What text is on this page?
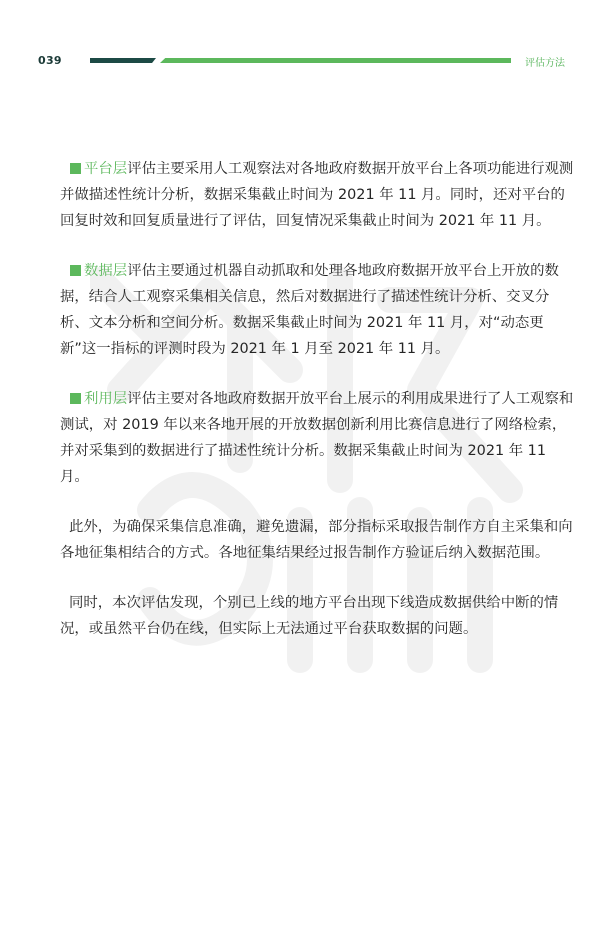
039	评估方法

平台层评估主要采用人工观察法对各地政府数据开放平台上各项功能进行观测并做描述性统计分析，数据采集截止时间为 2021 年 11 月。同时，还对平台的回复时效和回复质量进行了评估，回复情况采集截止时间为 2021 年 11 月。

数据层评估主要通过机器自动抓取和处理各地政府数据开放平台上开放的数据，结合人工观察采集相关信息，然后对数据进行了描述性统计分析、交叉分析、文本分析和空间分析。数据采集截止时间为 2021 年 11 月，对“动态更新”这一指标的评测时段为 2021 年 1 月至 2021 年 11 月。

利用层评估主要对各地政府数据开放平台上展示的利用成果进行了人工观察和测试，对 2019 年以来各地开展的开放数据创新利用比赛信息进行了网络检索，并对采集到的数据进行了描述性统计分析。数据采集截止时间为 2021 年 11 月。

此外，为确保采集信息准确，避免遗漏，部分指标采取报告制作方自主采集和向各地征集相结合的方式。各地征集结果经过报告制作方验证后纳入数据范围。

同时，本次评估发现，个别已上线的地方平台出现下线造成数据供给中断的情况，或虽然平台仍在线，但实际上无法通过平台获取数据的问题。
